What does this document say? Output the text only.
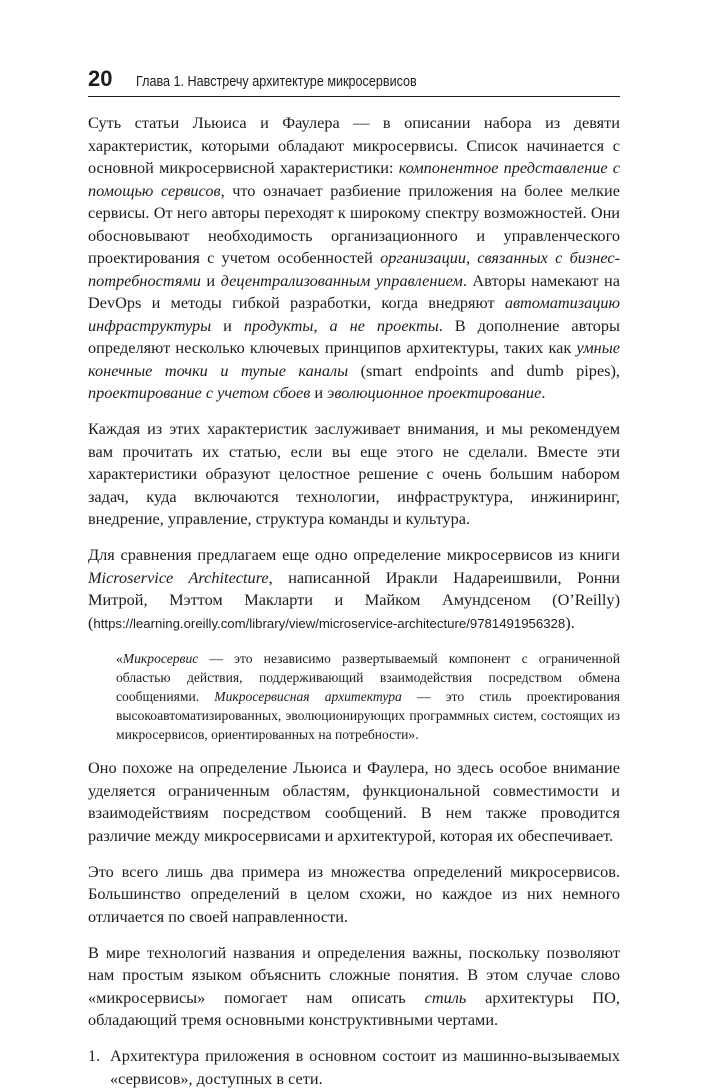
20 Глава 1. Навстречу архитектуре микросервисов

Суть статьи Льюиса и Фаулера — в описании набора из девяти характеристик, которыми обладают микросервисы. Список начинается с основной микросервисной характеристики: компонентное представление с помощью сервисов, что означает разбиение приложения на более мелкие сервисы. От него авторы переходят к широкому спектру возможностей. Они обосновывают необходимость организационного и управленческого проектирования с учетом особенностей организации, связанных с бизнес-потребностями и децентрализованным управлением. Авторы намекают на DevOps и методы гибкой разработки, когда внедряют автоматизацию инфраструктуры и продукты, а не проекты. В дополнение авторы определяют несколько ключевых принципов архитектуры, таких как умные конечные точки и тупые каналы (smart endpoints and dumb pipes), проектирование с учетом сбоев и эволюционное проектирование.

Каждая из этих характеристик заслуживает внимания, и мы рекомендуем вам прочитать их статью, если вы еще этого не сделали. Вместе эти характеристики образуют целостное решение с очень большим набором задач, куда включаются технологии, инфраструктура, инжиниринг, внедрение, управление, структура команды и культура.

Для сравнения предлагаем еще одно определение микросервисов из книги Microservice Architecture, написанной Иракли Надареишвили, Ронни Митрой, Мэттом Макларти и Майком Амундсеном (O’Reilly) (https://learning.oreilly.com/library/view/microservice-architecture/9781491956328).

«Микросервис — это независимо развертываемый компонент с ограниченной областью действия, поддерживающий взаимодействия посредством обмена сообщениями. Микросервисная архитектура — это стиль проектирования высокоавтоматизированных, эволюционирующих программных систем, состоящих из микросервисов, ориентированных на потребности».

Оно похоже на определение Льюиса и Фаулера, но здесь особое внимание уделяется ограниченным областям, функциональной совместимости и взаимодействиям посредством сообщений. В нем также проводится различие между микросервисами и архитектурой, которая их обеспечивает.

Это всего лишь два примера из множества определений микросервисов. Большинство определений в целом схожи, но каждое из них немного отличается по своей направленности.

В мире технологий названия и определения важны, поскольку позволяют нам простым языком объяснить сложные понятия. В этом случае слово «микросервисы» помогает нам описать стиль архитектуры ПО, обладающий тремя основными конструктивными чертами.

1. Архитектура приложения в основном состоит из машинно-вызываемых «сервисов», доступных в сети.
